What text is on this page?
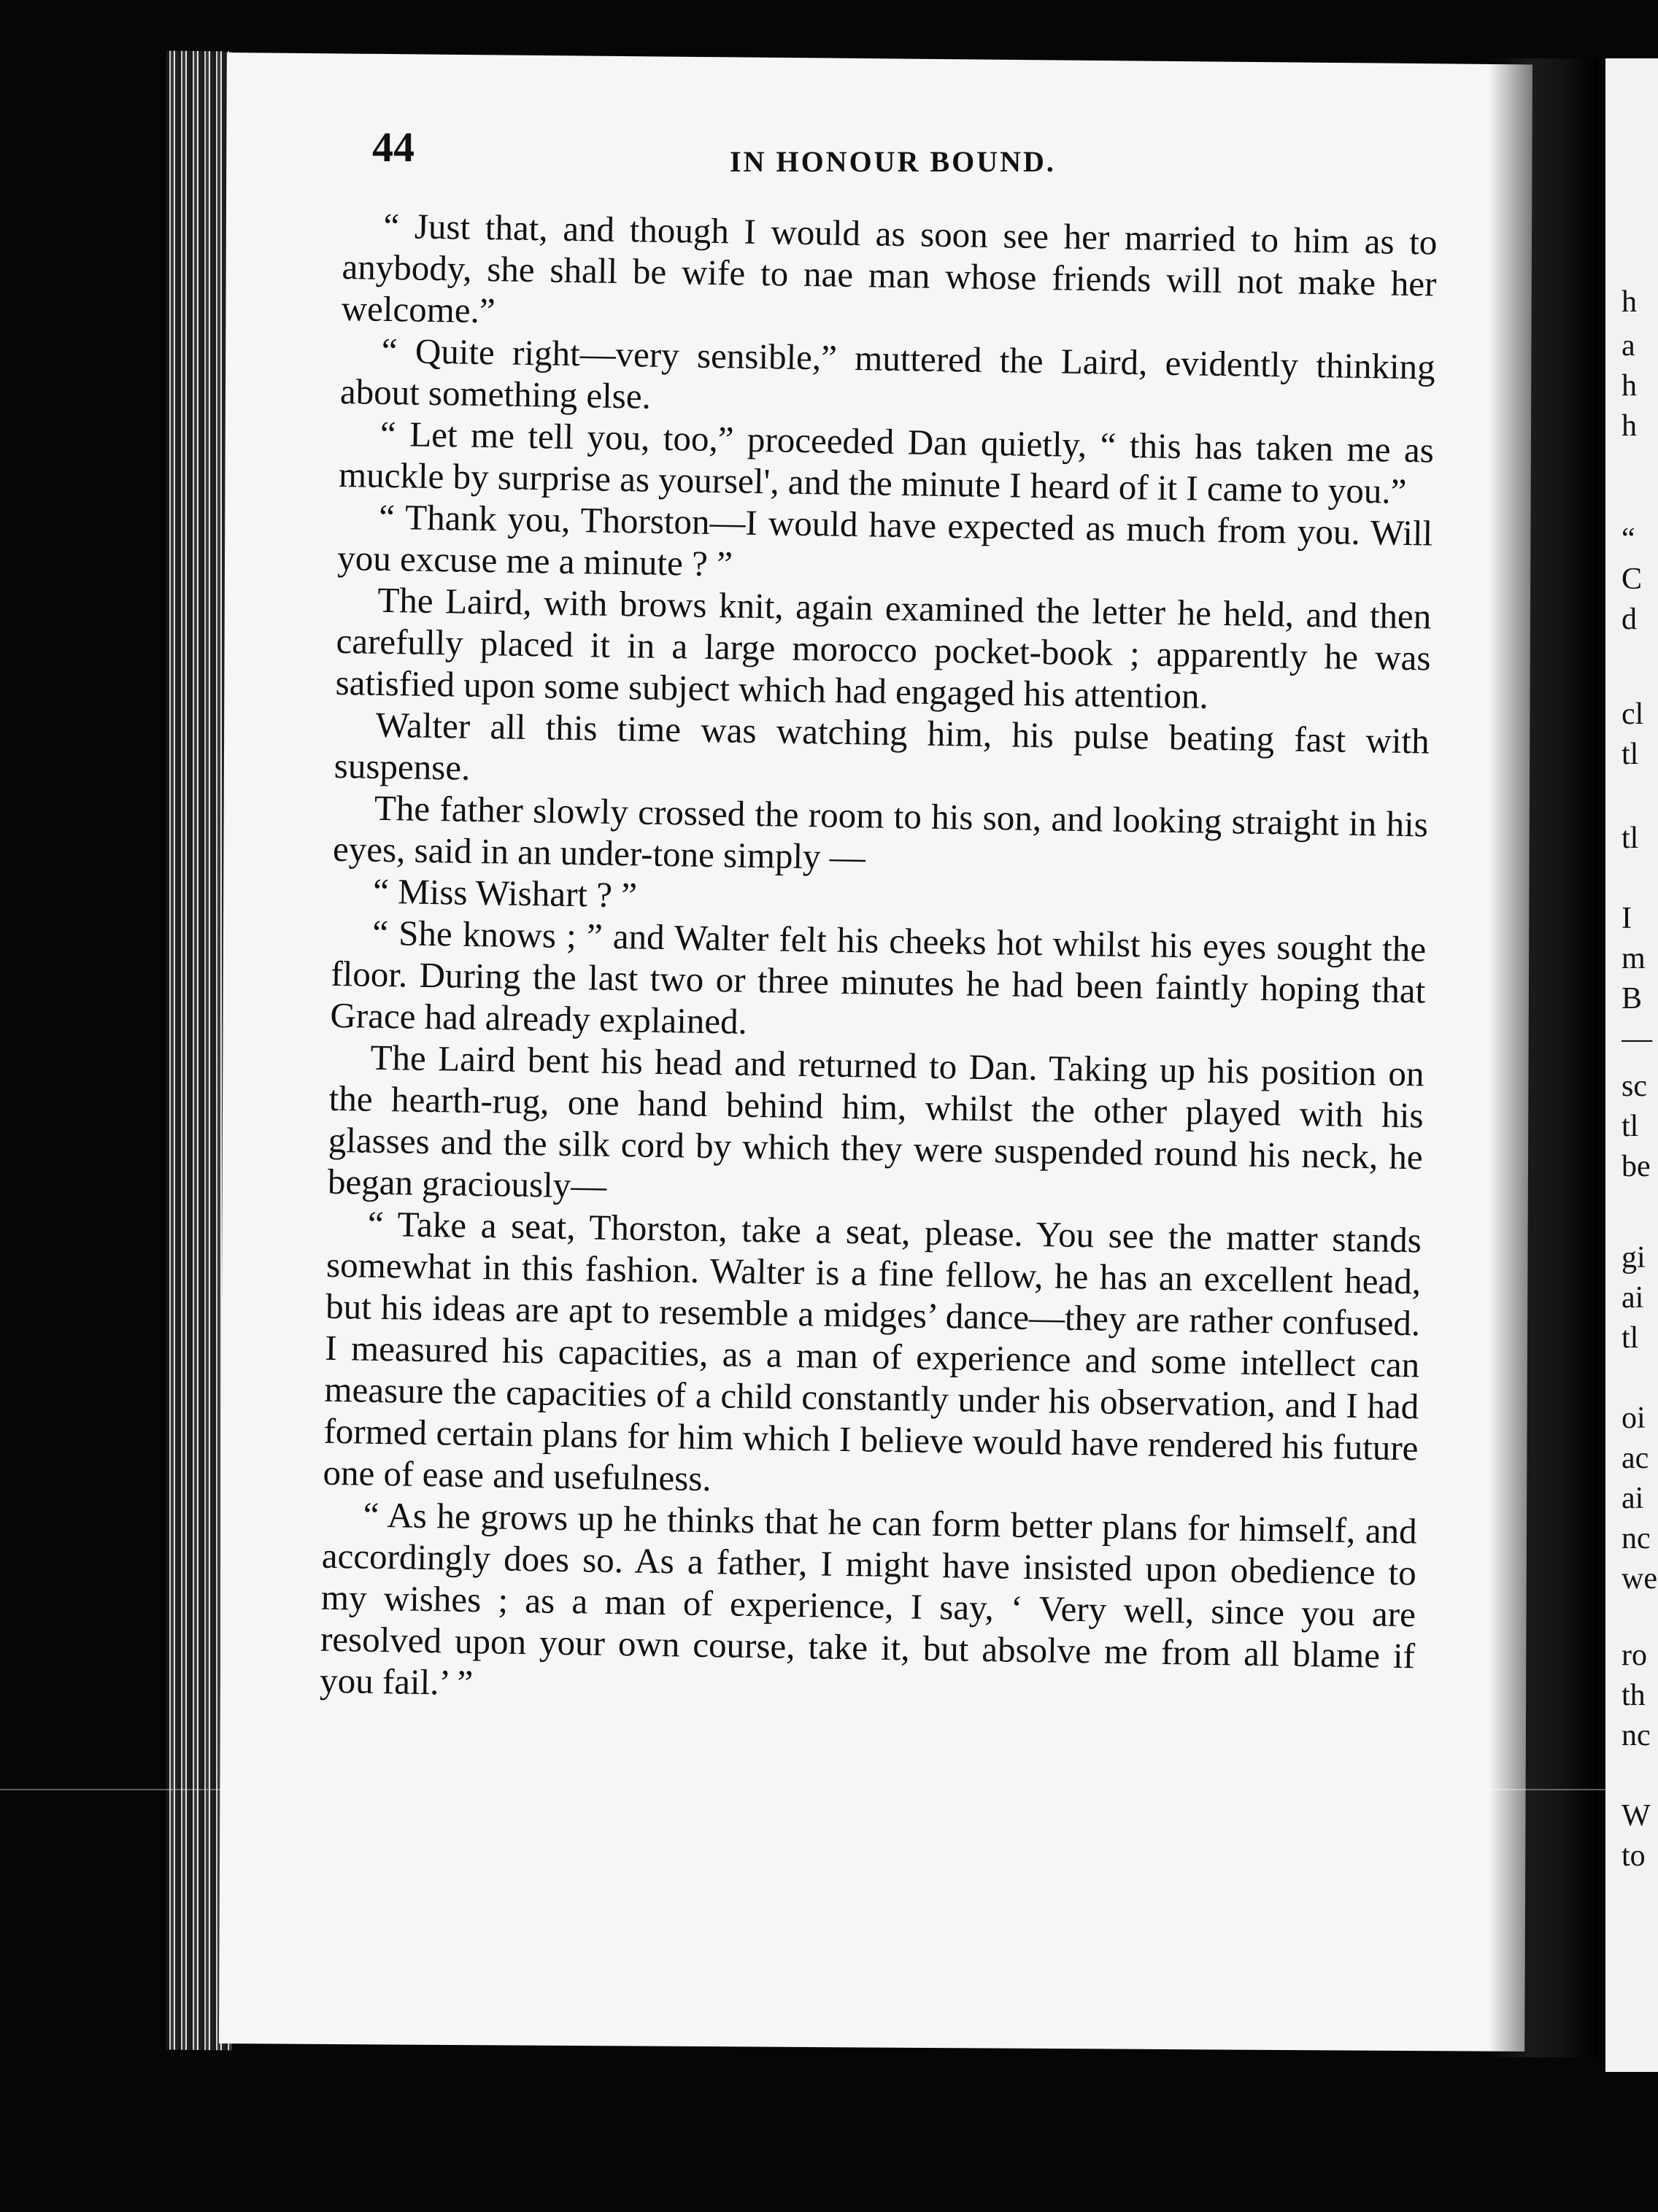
h
a
h
h
“
C
d
cl
tl
tl
I
m
B
—
sc
tl
be
gi
ai
tl
oi
ac
ai
nc
we
ro
th
nc
W
to
44	IN HONOUR BOUND.

“ Just that, and though I would as soon see her married to him as to anybody, she shall be wife to nae man whose friends will not make her welcome.”

“ Quite right—very sensible,” muttered the Laird, evidently thinking about something else.

“ Let me tell you, too,” proceeded Dan quietly, “ this has taken me as muckle by surprise as yoursel', and the minute I heard of it I came to you.”

“ Thank you, Thorston—I would have expected as much from you. Will you excuse me a minute ? ”

The Laird, with brows knit, again examined the letter he held, and then carefully placed it in a large morocco pocket-book ; apparently he was satisfied upon some subject which had engaged his attention.

Walter all this time was watching him, his pulse beating fast with suspense.

The father slowly crossed the room to his son, and looking straight in his eyes, said in an under-tone simply —

“ Miss Wishart ? ”

“ She knows ; ” and Walter felt his cheeks hot whilst his eyes sought the floor. During the last two or three minutes he had been faintly hoping that Grace had already explained.

The Laird bent his head and returned to Dan. Taking up his position on the hearth-rug, one hand behind him, whilst the other played with his glasses and the silk cord by which they were suspended round his neck, he began graciously—

“ Take a seat, Thorston, take a seat, please. You see the matter stands somewhat in this fashion. Walter is a fine fellow, he has an excellent head, but his ideas are apt to resemble a midges’ dance—they are rather confused. I measured his capacities, as a man of experience and some intellect can measure the capacities of a child constantly under his observation, and I had formed certain plans for him which I believe would have rendered his future one of ease and usefulness.

“ As he grows up he thinks that he can form better plans for himself, and accordingly does so. As a father, I might have insisted upon obedience to my wishes ; as a man of experience, I say, ‘ Very well, since you are resolved upon your own course, take it, but absolve me from all blame if you fail.’ ”
